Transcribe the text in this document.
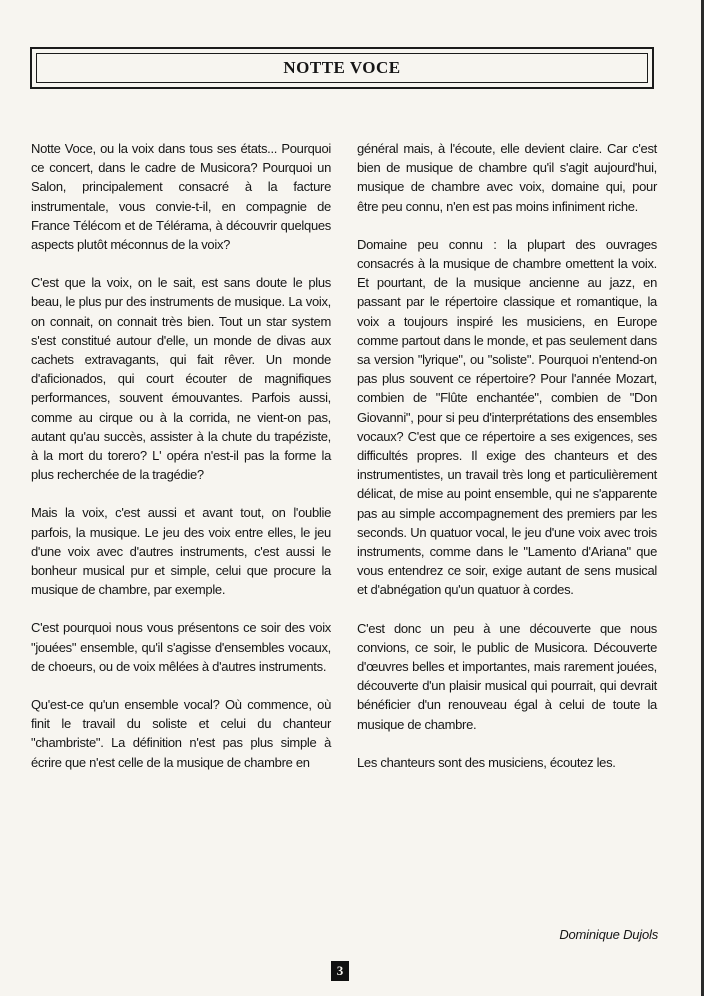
NOTTE VOCE

Notte Voce, ou la voix dans tous ses états... Pourquoi ce concert, dans le cadre de Musicora? Pourquoi un Salon, principalement consacré à la facture instrumentale, vous convie-t-il, en compagnie de France Télécom et de Télérama, à découvrir quelques aspects plutôt méconnus de la voix?

C'est que la voix, on le sait, est sans doute le plus beau, le plus pur des instruments de musique. La voix, on connait, on connait très bien. Tout un star system s'est constitué autour d'elle, un monde de divas aux cachets extravagants, qui fait rêver. Un monde d'aficionados, qui court écouter de magnifiques performances, souvent émouvantes. Parfois aussi, comme au cirque ou à la corrida, ne vient-on pas, autant qu'au succès, assister à la chute du trapéziste, à la mort du torero? L' opéra n'est-il pas la forme la plus recherchée de la tragédie?

Mais la voix, c'est aussi et avant tout, on l'oublie parfois, la musique. Le jeu des voix entre elles, le jeu d'une voix avec d'autres instruments, c'est aussi le bonheur musical pur et simple, celui que procure la musique de chambre, par exemple.

C'est pourquoi nous vous présentons ce soir des voix "jouées" ensemble, qu'il s'agisse d'ensembles vocaux, de choeurs, ou de voix mêlées à d'autres instruments.

Qu'est-ce qu'un ensemble vocal? Où commence, où finit le travail du soliste et celui du chanteur "chambriste". La définition n'est pas plus simple à écrire que n'est celle de la musique de chambre en

général mais, à l'écoute, elle devient claire. Car c'est bien de musique de chambre qu'il s'agit aujourd'hui, musique de chambre avec voix, domaine qui, pour être peu connu, n'en est pas moins infiniment riche.

Domaine peu connu : la plupart des ouvrages consacrés à la musique de chambre omettent la voix. Et pourtant, de la musique ancienne au jazz, en passant par le répertoire classique et romantique, la voix a toujours inspiré les musiciens, en Europe comme partout dans le monde, et pas seulement dans sa version "lyrique", ou "soliste". Pourquoi n'entend-on pas plus souvent ce répertoire? Pour l'année Mozart, combien de "Flûte enchantée", combien de "Don Giovanni", pour si peu d'interprétations des ensembles vocaux? C'est que ce répertoire a ses exigences, ses difficultés propres. Il exige des chanteurs et des instrumentistes, un travail très long et particulièrement délicat, de mise au point ensemble, qui ne s'apparente pas au simple accompagnement des premiers par les seconds. Un quatuor vocal, le jeu d'une voix avec trois instruments, comme dans le "Lamento d'Ariana" que vous entendrez ce soir, exige autant de sens musical et d'abnégation qu'un quatuor à cordes.

C'est donc un peu à une découverte que nous convions, ce soir, le public de Musicora. Découverte d'œuvres belles et importantes, mais rarement jouées, découverte d'un plaisir musical qui pourrait, qui devrait bénéficier d'un renouveau égal à celui de toute la musique de chambre.

Les chanteurs sont des musiciens, écoutez les.

Dominique Dujols
3
